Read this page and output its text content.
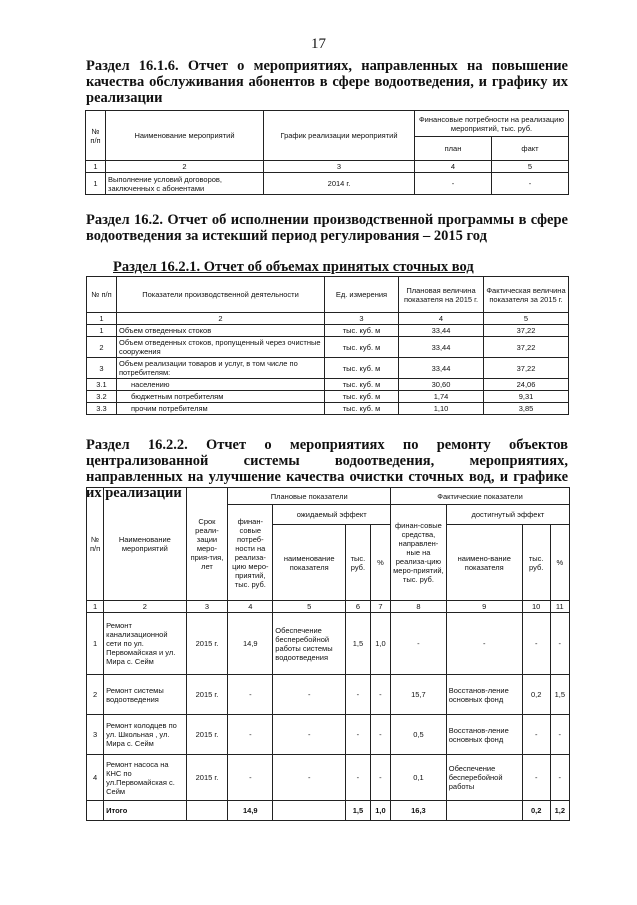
17
Раздел 16.1.6. Отчет о мероприятиях, направленных на повышение качества обслуживания абонентов в сфере водоотведения, и графику их реализации
№ п/п	Наименование мероприятий	График реализации мероприятий	Финансовые потребности на реализацию мероприятий, тыс. руб.	
			план	факт
1	2	3	4	5
1	Выполнение условий договоров, заключенных с абонентами	2014 г.	-	-
Раздел 16.2. Отчет об исполнении производственной программы в сфере водоотведения за истекший период регулирования – 2015 год
Раздел 16.2.1. Отчет об объемах принятых сточных вод
№ п/п	Показатели производственной деятельности	Ед. измерения	Плановая величина показателя на 2015 г.	Фактическая величина показателя за 2015 г.
1	2	3	4	5
1	Объем отведенных стоков	тыс. куб. м	33,44	37,22
2	Объем отведенных стоков, пропущенный через очистные сооружения	тыс. куб. м	33,44	37,22
3	Объем реализации товаров и услуг, в том числе по потребителям:	тыс. куб. м	33,44	37,22
3.1	населению	тыс. куб. м	30,60	24,06
3.2	бюджетным потребителям	тыс. куб. м	1,74	9,31
3.3	прочим потребителям	тыс. куб. м	1,10	3,85
Раздел 16.2.2. Отчет о мероприятиях по ремонту объектов централизованной системы водоотведения, мероприятиях, направленных на улучшение качества очистки сточных вод, и графике их реализации
№ п/п	Наименование мероприятий	Срок реали-зации меро-прия-тия, лет	Плановые показатели				Фактические показатели			
			финан-совые потреб-ности на реализа-цию меро-приятий, тыс. руб.	ожидаемый эффект			финан-совые средства, направлен-ные на реализа-цию меро-приятий, тыс. руб.	достигнутый эффект		
				наименование показателя	тыс. руб.	%		наимено-вание показателя	тыс. руб.	%
1	2	3	4	5	6	7	8	9	10	11
1	Ремонт канализационной сети по ул. Первомайская и ул. Мира с. Сейм	2015 г.	14,9	Обеспечение бесперебойной работы системы водоотведения	1,5	1,0	-	-	-	-
2	Ремонт системы водоотведения	2015 г.	-	-	-	-	15,7	Восстанов-ление основных фонд	0,2	1,5
3	Ремонт колодцев по ул. Школьная , ул. Мира с. Сейм	2015 г.	-	-	-	-	0,5	Восстанов-ление основных фонд	-	-
4	Ремонт насоса на КНС по ул.Первомайская с. Сейм	2015 г.	-	-	-	-	0,1	Обеспечение бесперебойной работы	-	-
	Итого		14,9		1,5	1,0	16,3		0,2	1,2
